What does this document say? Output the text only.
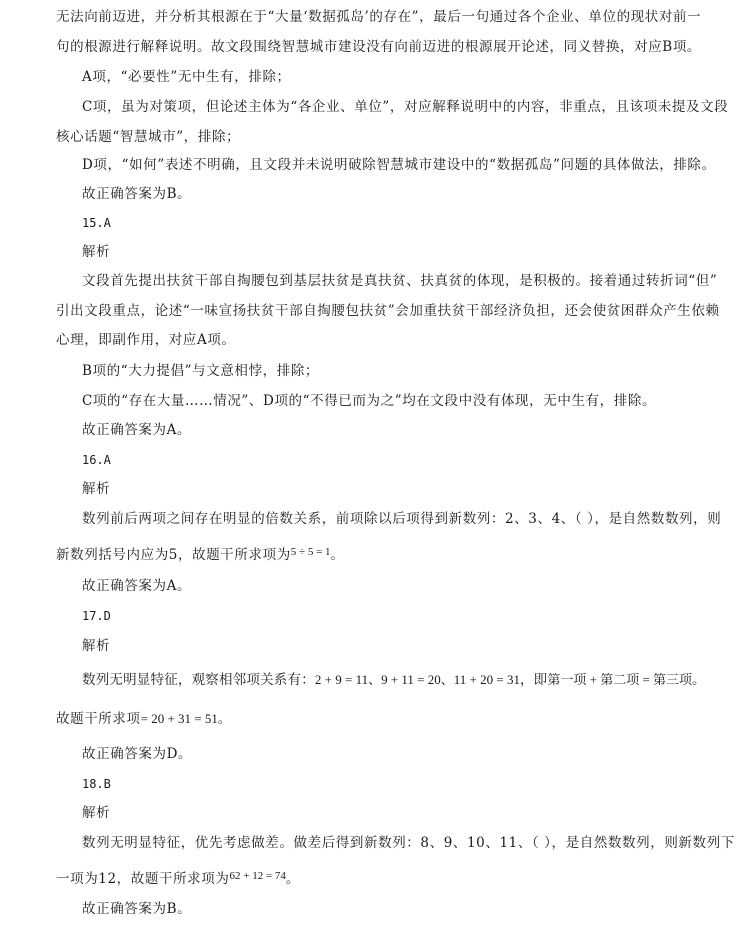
无法向前迈进，并分析其根源在于“大量‘数据孤岛’的存在”，最后一句通过各个企业、单位的现状对前一
句的根源进行解释说明。故文段围绕智慧城市建设没有向前迈进的根源展开论述，同义替换，对应B项。
A项，“必要性”无中生有，排除；
C项，虽为对策项，但论述主体为“各企业、单位”，对应解释说明中的内容，非重点，且该项未提及文段
核心话题“智慧城市”，排除；
D项，“如何”表述不明确，且文段并未说明破除智慧城市建设中的“数据孤岛”问题的具体做法，排除。
故正确答案为B。
15.A
解析
文段首先提出扶贫干部自掏腰包到基层扶贫是真扶贫、扶真贫的体现，是积极的。接着通过转折词“但”
引出文段重点，论述“一味宣扬扶贫干部自掏腰包扶贫”会加重扶贫干部经济负担，还会使贫困群众产生依赖
心理，即副作用，对应A项。
B项的“大力提倡”与文意相悖，排除；
C项的“存在大量……情况”、D项的“不得已而为之”均在文段中没有体现，无中生有，排除。
故正确答案为A。
16.A
解析
数列前后两项之间存在明显的倍数关系，前项除以后项得到新数列：2、3、4、（ ），是自然数数列，则
新数列括号内应为5，故题干所求项为$^{5 \div 5 = 1}$。
故正确答案为A。
17.D
解析
数列无明显特征，观察相邻项关系有：2 + 9 = 11、9 + 11 = 20、11 + 20 = 31，即第一项 + 第二项 = 第三项。
故题干所求项= 20 + 31 = 51。
故正确答案为D。
18.B
解析
数列无明显特征，优先考虑做差。做差后得到新数列：8、9、10、11、（ ），是自然数数列，则新数列下
一项为12，故题干所求项为$^{62 + 12 = 74}$。
故正确答案为B。
